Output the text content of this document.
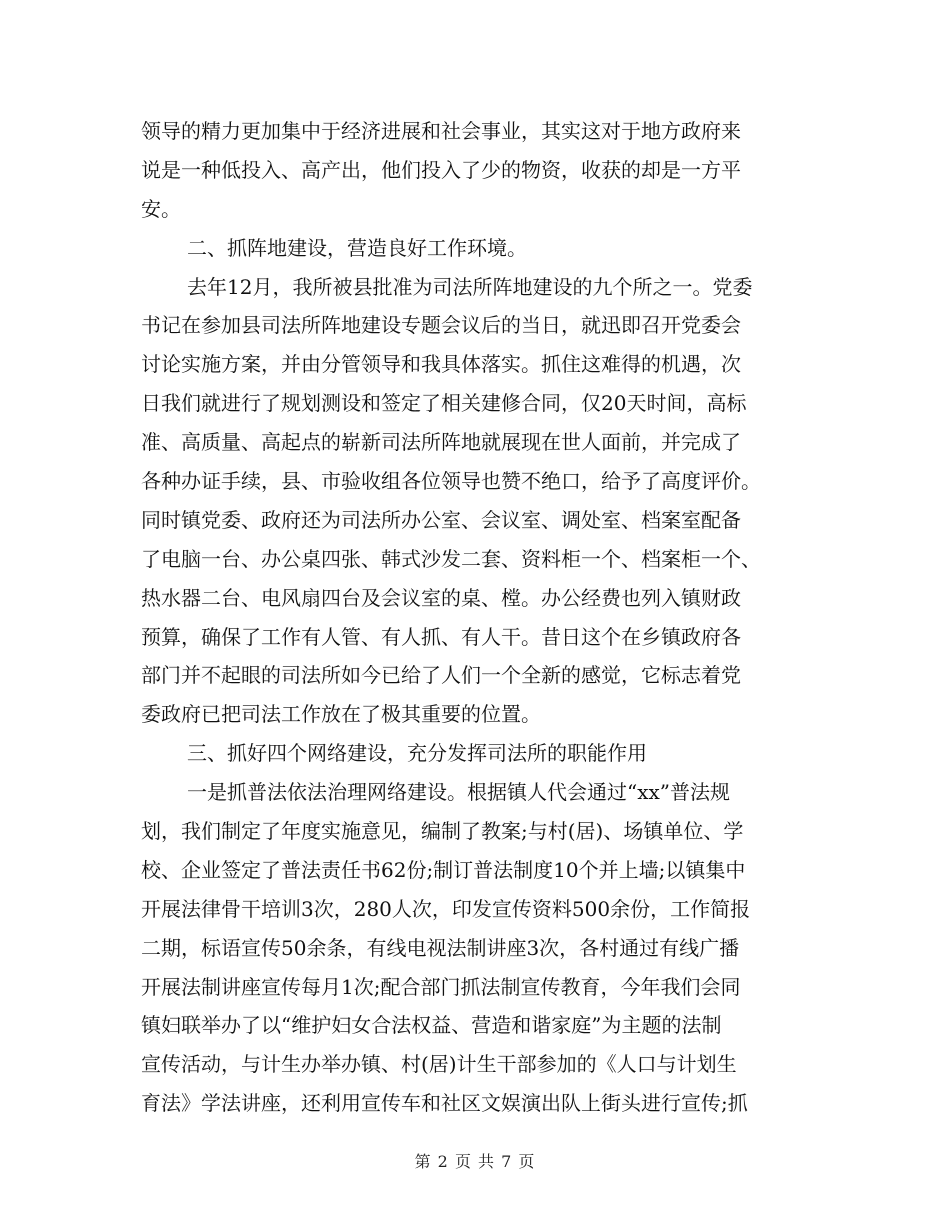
领导的精力更加集中于经济进展和社会事业，其实这对于地方政府来
说是一种低投入、高产出，他们投入了少的物资，收获的却是一方平
安。
二、抓阵地建设，营造良好工作环境。
去年12月，我所被县批准为司法所阵地建设的九个所之一。党委
书记在参加县司法所阵地建设专题会议后的当日，就迅即召开党委会
讨论实施方案，并由分管领导和我具体落实。抓住这难得的机遇，次
日我们就进行了规划测设和签定了相关建修合同，仅20天时间，高标
准、高质量、高起点的崭新司法所阵地就展现在世人面前，并完成了
各种办证手续，县、市验收组各位领导也赞不绝口，给予了高度评价。
同时镇党委、政府还为司法所办公室、会议室、调处室、档案室配备
了电脑一台、办公桌四张、韩式沙发二套、资料柜一个、档案柜一个、
热水器二台、电风扇四台及会议室的桌、樘。办公经费也列入镇财政
预算，确保了工作有人管、有人抓、有人干。昔日这个在乡镇政府各
部门并不起眼的司法所如今已给了人们一个全新的感觉，它标志着党
委政府已把司法工作放在了极其重要的位置。
三、抓好四个网络建设，充分发挥司法所的职能作用
一是抓普法依法治理网络建设。根据镇人代会通过“xx”普法规
划，我们制定了年度实施意见，编制了教案;与村(居)、场镇单位、学
校、企业签定了普法责任书62份;制订普法制度10个并上墙;以镇集中
开展法律骨干培训3次，280人次，印发宣传资料500余份，工作简报
二期，标语宣传50余条，有线电视法制讲座3次，各村通过有线广播
开展法制讲座宣传每月1次;配合部门抓法制宣传教育，今年我们会同
镇妇联举办了以“维护妇女合法权益、营造和谐家庭”为主题的法制
宣传活动，与计生办举办镇、村(居)计生干部参加的《人口与计划生
育法》学法讲座，还利用宣传车和社区文娱演出队上街头进行宣传;抓
第 2 页 共 7 页
